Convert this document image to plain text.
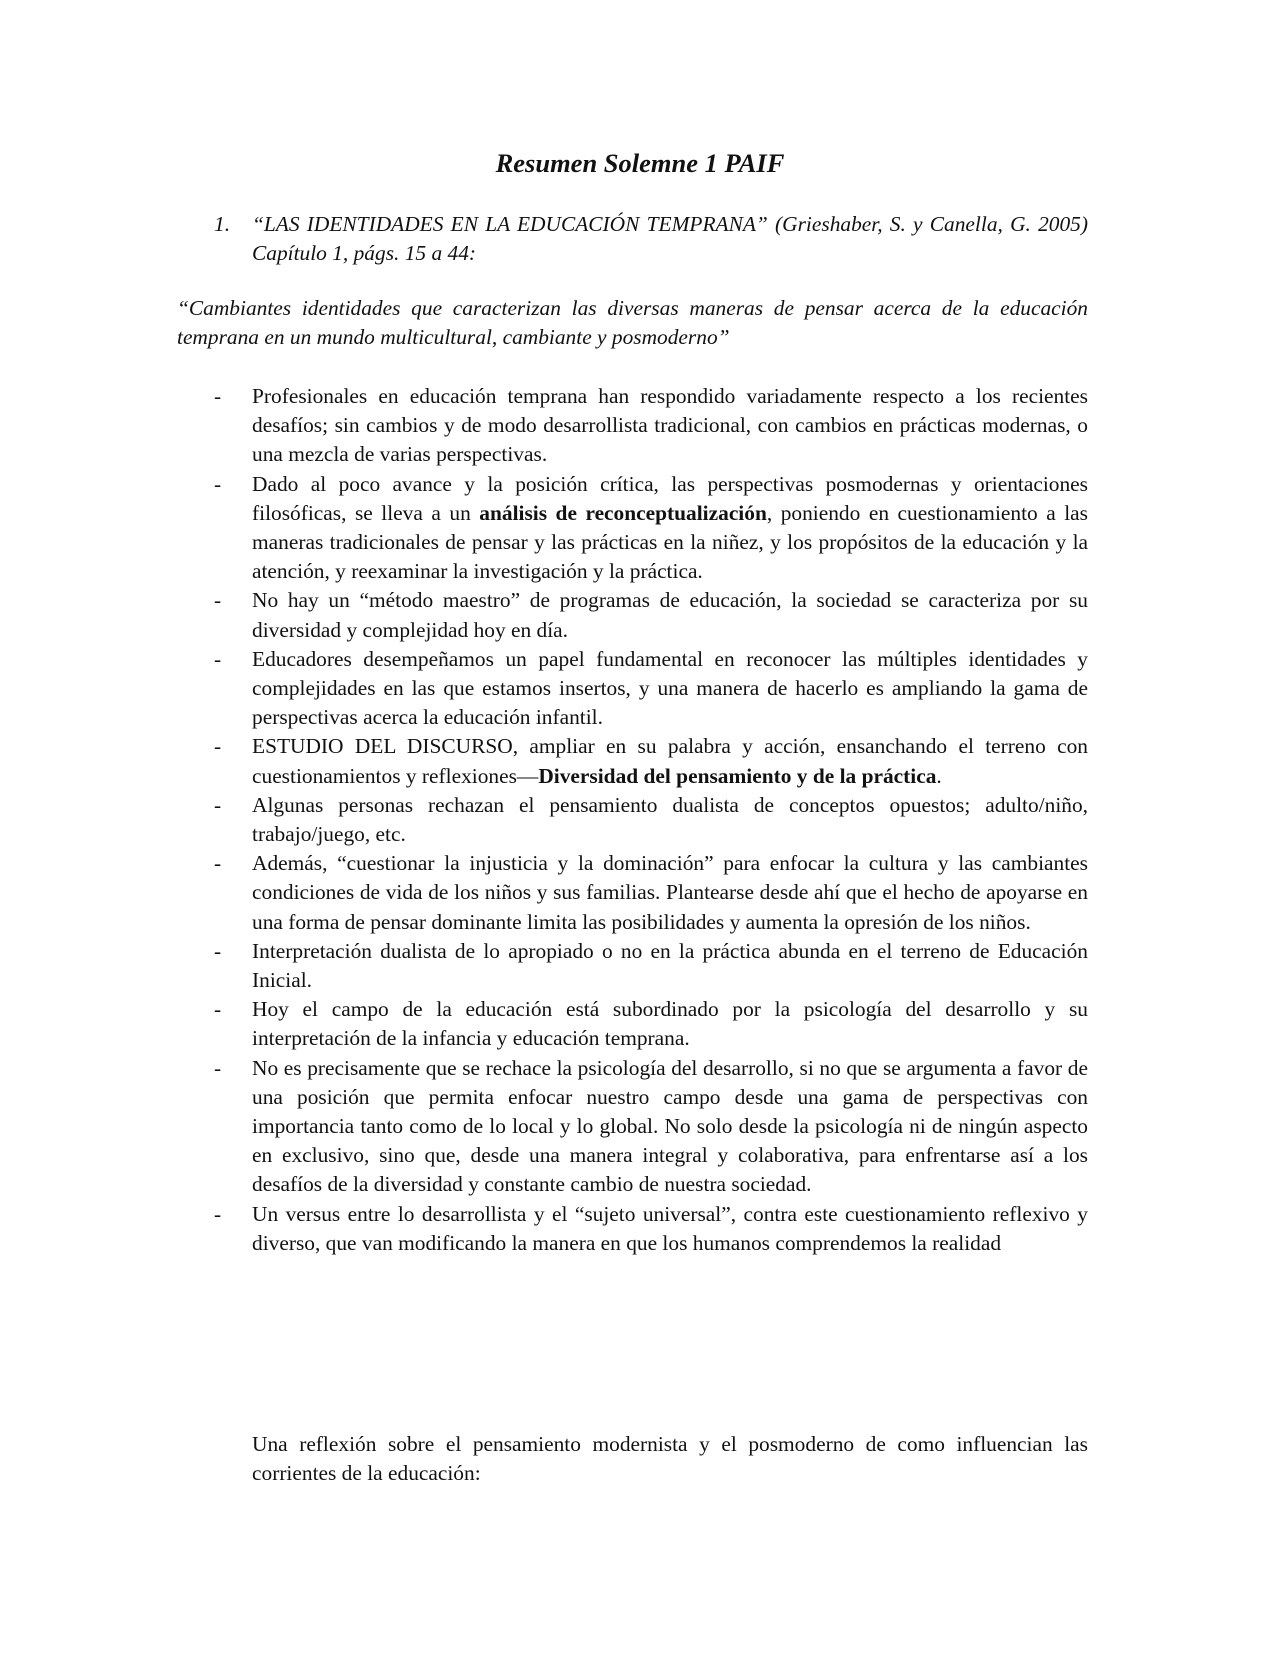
Resumen Solemne 1 PAIF
1. “LAS IDENTIDADES EN LA EDUCACIÓN TEMPRANA” (Grieshaber, S. y Canella, G. 2005) Capítulo 1, págs. 15 a 44:
“Cambiantes identidades que caracterizan las diversas maneras de pensar acerca de la educación temprana en un mundo multicultural, cambiante y posmoderno”
- Profesionales en educación temprana han respondido variadamente respecto a los recientes desafíos; sin cambios y de modo desarrollista tradicional, con cambios en prácticas modernas, o una mezcla de varias perspectivas.
- Dado al poco avance y la posición crítica, las perspectivas posmodernas y orientaciones filosóficas, se lleva a un análisis de reconceptualización, poniendo en cuestionamiento a las maneras tradicionales de pensar y las prácticas en la niñez, y los propósitos de la educación y la atención, y reexaminar la investigación y la práctica.
- No hay un “método maestro” de programas de educación, la sociedad se caracteriza por su diversidad y complejidad hoy en día.
- Educadores desempeñamos un papel fundamental en reconocer las múltiples identidades y complejidades en las que estamos insertos, y una manera de hacerlo es ampliando la gama de perspectivas acerca la educación infantil.
- ESTUDIO DEL DISCURSO, ampliar en su palabra y acción, ensanchando el terreno con cuestionamientos y reflexiones—Diversidad del pensamiento y de la práctica.
- Algunas personas rechazan el pensamiento dualista de conceptos opuestos; adulto/niño, trabajo/juego, etc.
- Además, “cuestionar la injusticia y la dominación” para enfocar la cultura y las cambiantes condiciones de vida de los niños y sus familias. Plantearse desde ahí que el hecho de apoyarse en una forma de pensar dominante limita las posibilidades y aumenta la opresión de los niños.
- Interpretación dualista de lo apropiado o no en la práctica abunda en el terreno de Educación Inicial.
- Hoy el campo de la educación está subordinado por la psicología del desarrollo y su interpretación de la infancia y educación temprana.
- No es precisamente que se rechace la psicología del desarrollo, si no que se argumenta a favor de una posición que permita enfocar nuestro campo desde una gama de perspectivas con importancia tanto como de lo local y lo global. No solo desde la psicología ni de ningún aspecto en exclusivo, sino que, desde una manera integral y colaborativa, para enfrentarse así a los desafíos de la diversidad y constante cambio de nuestra sociedad.
- Un versus entre lo desarrollista y el “sujeto universal”, contra este cuestionamiento reflexivo y diverso, que van modificando la manera en que los humanos comprendemos la realidad
Una reflexión sobre el pensamiento modernista y el posmoderno de como influencian las corrientes de la educación:
